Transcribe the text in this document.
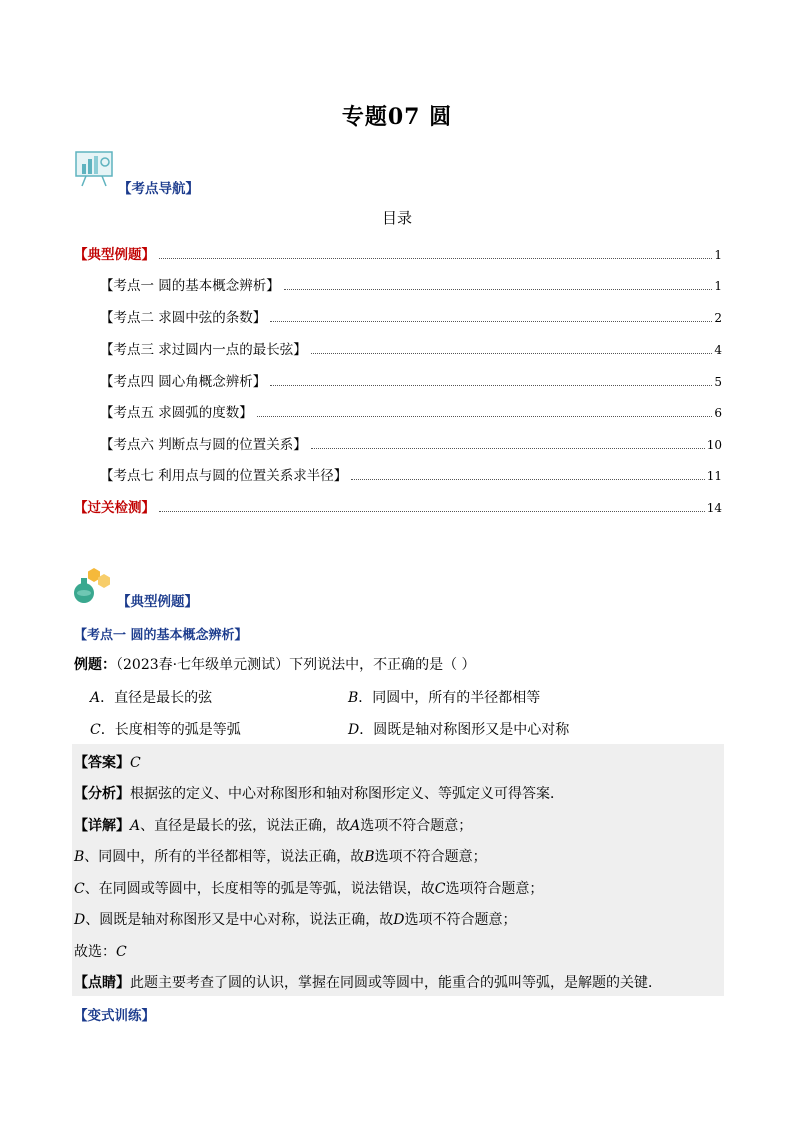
专题07 圆
【考点导航】
目录
【典型例题】	1
【考点一 圆的基本概念辨析】	1
【考点二 求圆中弦的条数】	2
【考点三 求过圆内一点的最长弦】	4
【考点四 圆心角概念辨析】	5
【考点五 求圆弧的度数】	6
【考点六 判断点与圆的位置关系】	10
【考点七 利用点与圆的位置关系求半径】	11
【过关检测】	14
【典型例题】
【考点一 圆的基本概念辨析】
例题：（2023春·七年级单元测试）下列说法中，不正确的是（ ）
A．直径是最长的弦	B．同圆中，所有的半径都相等
C．长度相等的弧是等弧	D．圆既是轴对称图形又是中心对称
【答案】C
【分析】根据弦的定义、中心对称图形和轴对称图形定义、等弧定义可得答案．
【详解】A、直径是最长的弦，说法正确，故A选项不符合题意；
B、同圆中，所有的半径都相等，说法正确，故B选项不符合题意；
C、在同圆或等圆中，长度相等的弧是等弧，说法错误，故C选项符合题意；
D、圆既是轴对称图形又是中心对称，说法正确，故D选项不符合题意；
故选：C
【点睛】此题主要考查了圆的认识，掌握在同圆或等圆中，能重合的弧叫等弧，是解题的关键．
【变式训练】
